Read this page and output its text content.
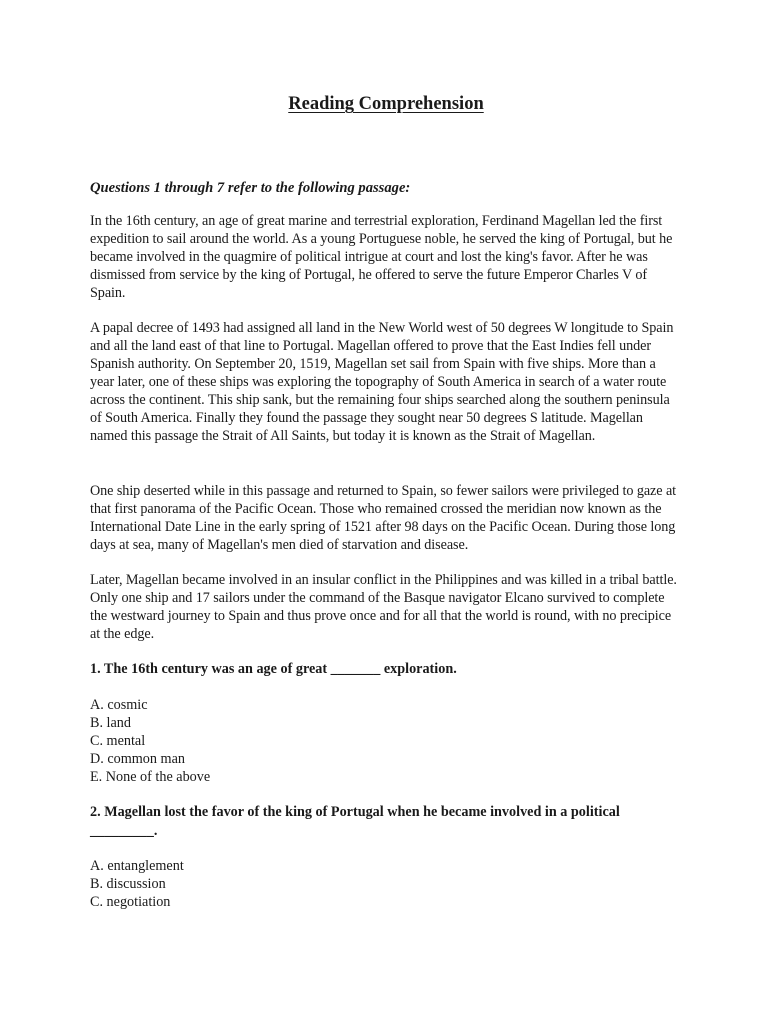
Reading Comprehension

Questions 1 through 7 refer to the following passage:

In the 16th century, an age of great marine and terrestrial exploration, Ferdinand Magellan led the first expedition to sail around the world. As a young Portuguese noble, he served the king of Portugal, but he became involved in the quagmire of political intrigue at court and lost the king's favor. After he was dismissed from service by the king of Portugal, he offered to serve the future Emperor Charles V of Spain.

A papal decree of 1493 had assigned all land in the New World west of 50 degrees W longitude to Spain and all the land east of that line to Portugal. Magellan offered to prove that the East Indies fell under Spanish authority. On September 20, 1519, Magellan set sail from Spain with five ships. More than a year later, one of these ships was exploring the topography of South America in search of a water route across the continent. This ship sank, but the remaining four ships searched along the southern peninsula of South America. Finally they found the passage they sought near 50 degrees S latitude. Magellan named this passage the Strait of All Saints, but today it is known as the Strait of Magellan.

One ship deserted while in this passage and returned to Spain, so fewer sailors were privileged to gaze at that first panorama of the Pacific Ocean. Those who remained crossed the meridian now known as the International Date Line in the early spring of 1521 after 98 days on the Pacific Ocean. During those long days at sea, many of Magellan's men died of starvation and disease.

Later, Magellan became involved in an insular conflict in the Philippines and was killed in a tribal battle. Only one ship and 17 sailors under the command of the Basque navigator Elcano survived to complete the westward journey to Spain and thus prove once and for all that the world is round, with no precipice at the edge.

1. The 16th century was an age of great _______ exploration.

A. cosmic
B. land
C. mental
D. common man
E. None of the above

2. Magellan lost the favor of the king of Portugal when he became involved in a political _________.

A. entanglement
B. discussion
C. negotiation
